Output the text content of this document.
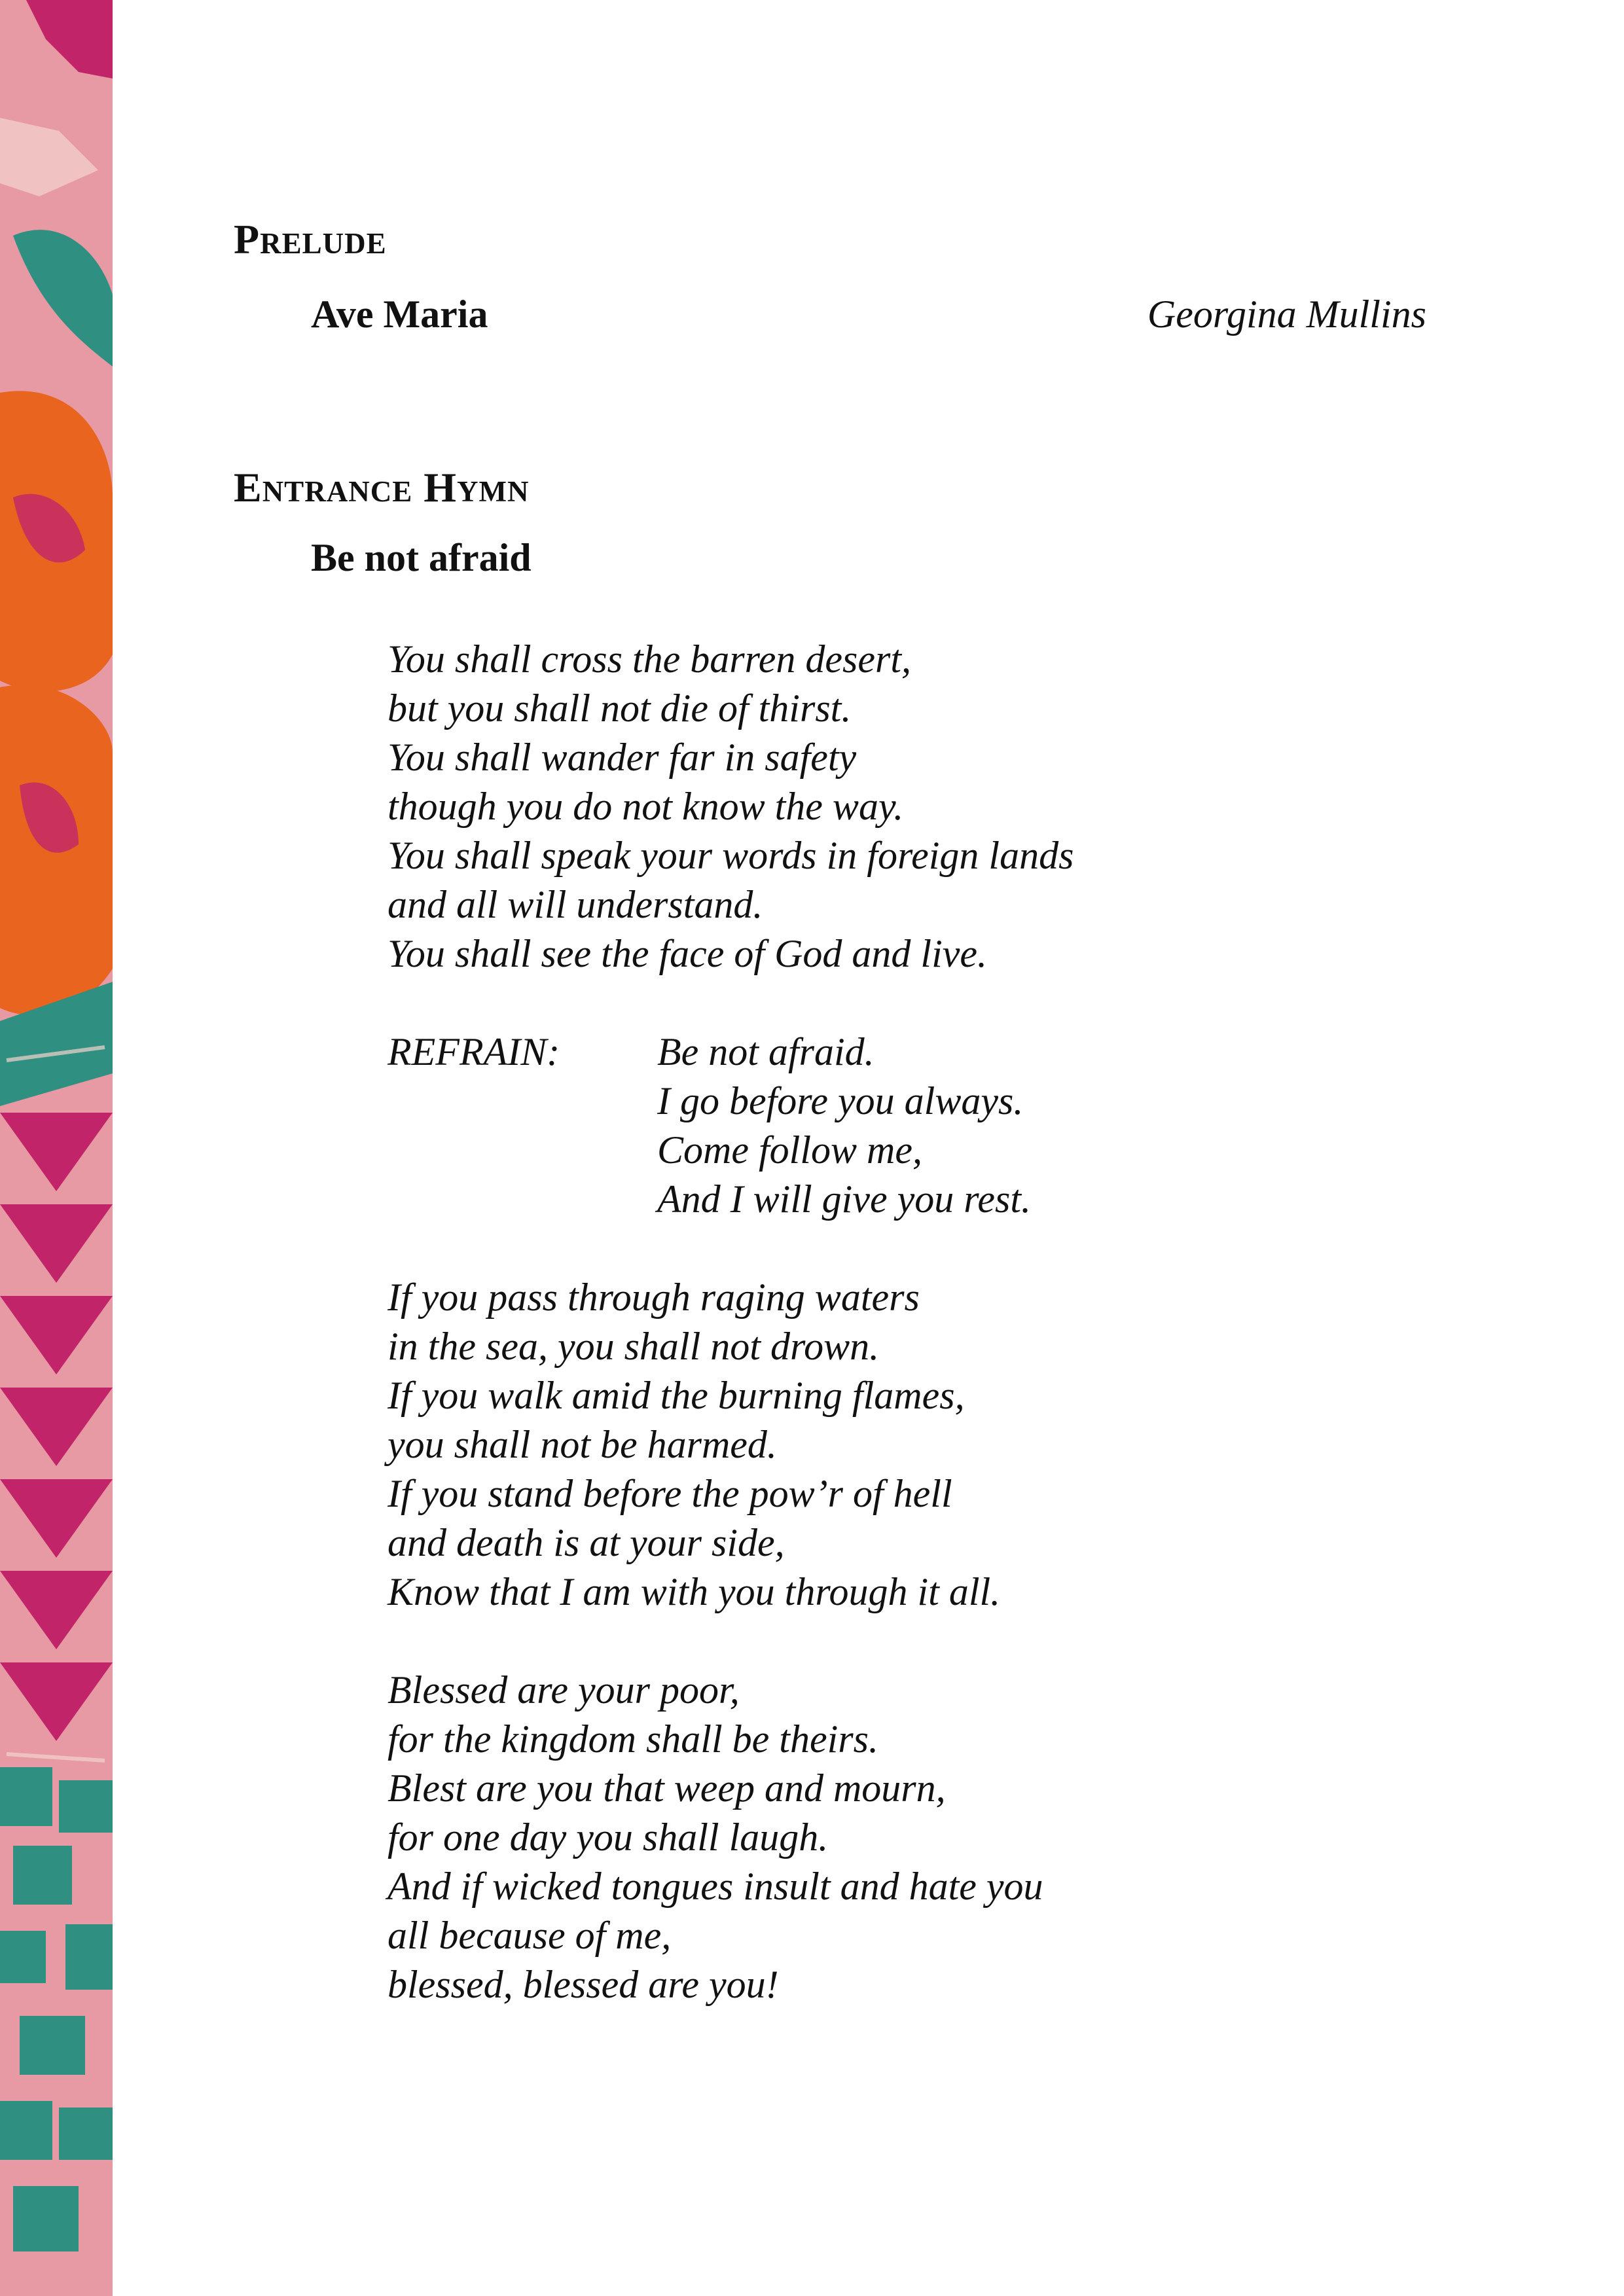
Prelude

Ave Maria	Georgina Mullins

Entrance Hymn

Be not afraid

You shall cross the barren desert,
but you shall not die of thirst.
You shall wander far in safety
though you do not know the way.
You shall speak your words in foreign lands
and all will understand.
You shall see the face of God and live.
REFRAIN: Be not afraid.
I go before you always.
Come follow me,
And I will give you rest.
If you pass through raging waters
in the sea, you shall not drown.
If you walk amid the burning flames,
you shall not be harmed.
If you stand before the pow’r of hell
and death is at your side,
Know that I am with you through it all.
Blessed are your poor,
for the kingdom shall be theirs.
Blest are you that weep and mourn,
for one day you shall laugh.
And if wicked tongues insult and hate you
all because of me,
blessed, blessed are you!
